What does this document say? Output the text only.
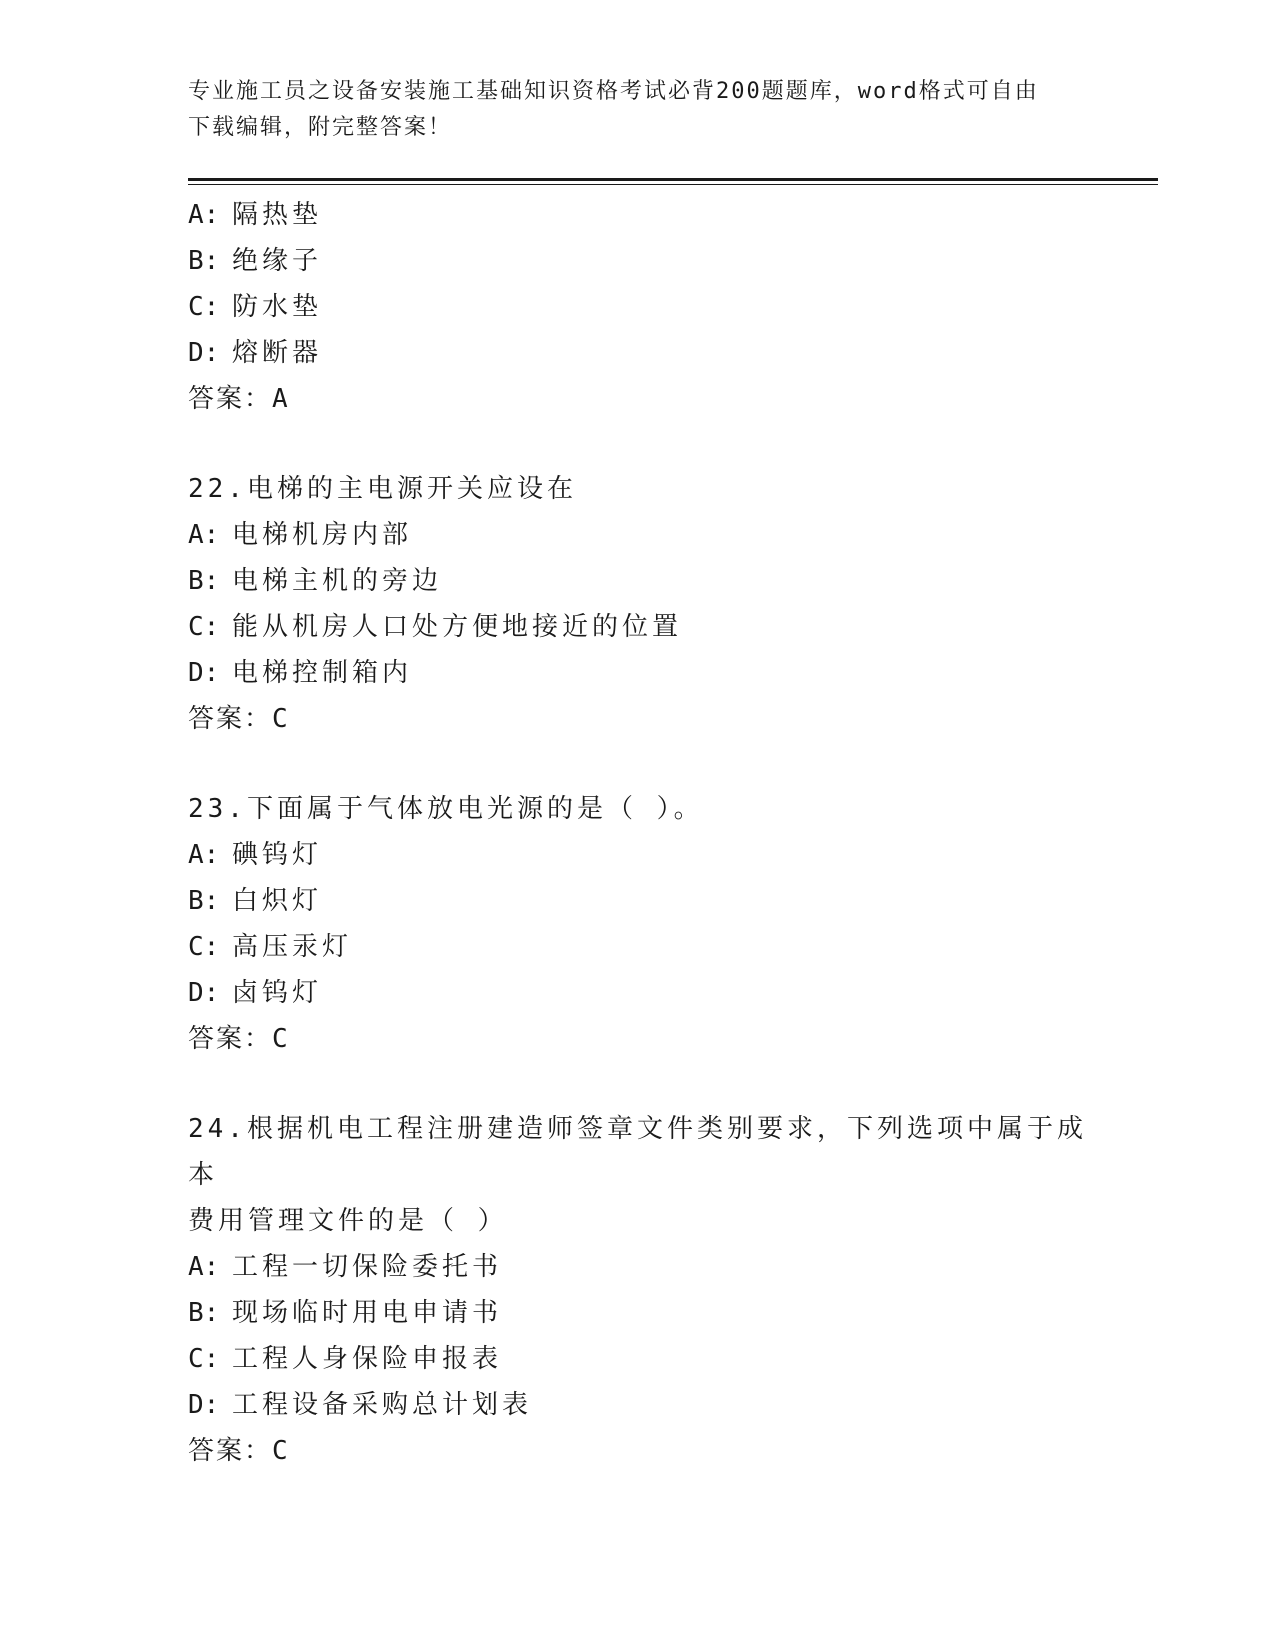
专业施工员之设备安装施工基础知识资格考试必背200题题库，word格式可自由
下载编辑，附完整答案！
A: 隔热垫
B: 绝缘子
C: 防水垫
D: 熔断器
答案：A
22.电梯的主电源开关应设在
A: 电梯机房内部
B: 电梯主机的旁边
C: 能从机房人口处方便地接近的位置
D: 电梯控制箱内
答案：C
23.下面属于气体放电光源的是（ ）。
A: 碘钨灯
B: 白炽灯
C: 高压汞灯
D: 卤钨灯
答案：C
24.根据机电工程注册建造师签章文件类别要求，下列选项中属于成本
费用管理文件的是（ ）
A: 工程一切保险委托书
B: 现场临时用电申请书
C: 工程人身保险申报表
D: 工程设备采购总计划表
答案：C
